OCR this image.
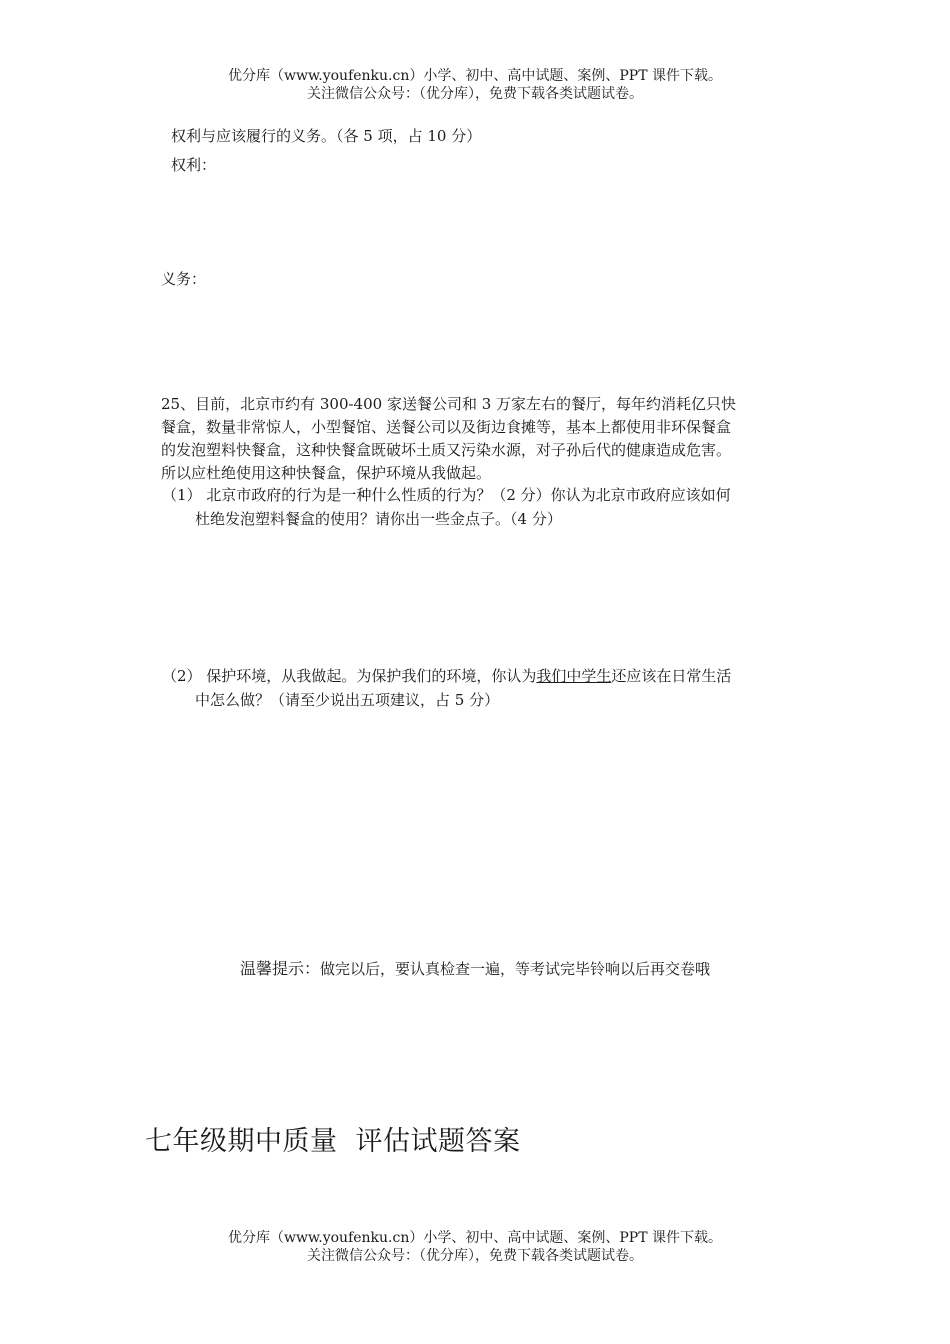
优分库（www.youfenku.cn）小学、初中、高中试题、案例、PPT 课件下载。
关注微信公众号：（优分库），免费下载各类试题试卷。
权利与应该履行的义务。（各 5 项，占 10 分）
权利：
义务：
25、目前，北京市约有 300-400 家送餐公司和 3 万家左右的餐厅，每年约消耗亿只快
餐盒，数量非常惊人，小型餐馆、送餐公司以及街边食摊等，基本上都使用非环保餐盒
的发泡塑料快餐盒，这种快餐盒既破坏土质又污染水源，对子孙后代的健康造成危害。
所以应杜绝使用这种快餐盒，保护环境从我做起。
（1） 北京市政府的行为是一种什么性质的行为？（2 分）你认为北京市政府应该如何
杜绝发泡塑料餐盒的使用？请你出一些金点子。（4 分）
（2） 保护环境，从我做起。为保护我们的环境，你认为我们中学生还应该在日常生活
中怎么做？（请至少说出五项建议，占 5 分）
温馨提示：做完以后，要认真检查一遍，等考试完毕铃响以后再交卷哦
七年级期中质量 评估试题答案
优分库（www.youfenku.cn）小学、初中、高中试题、案例、PPT 课件下载。
关注微信公众号：（优分库），免费下载各类试题试卷。
